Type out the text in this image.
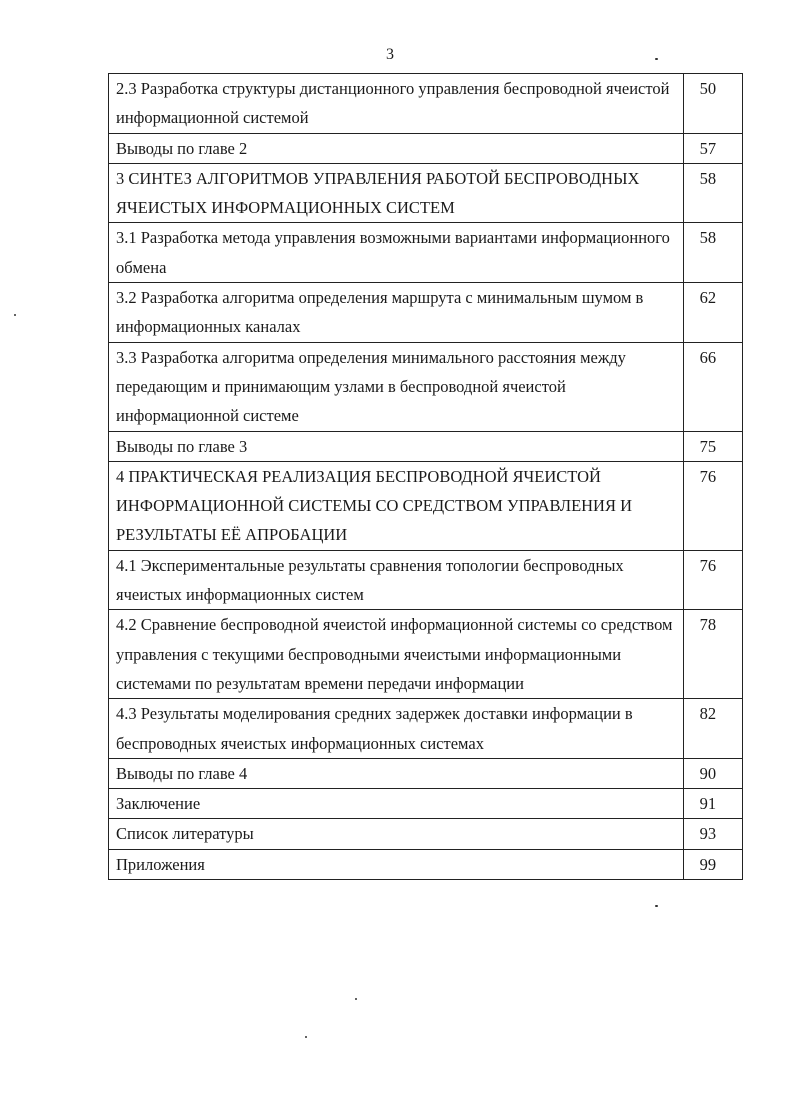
3
2.3 Разработка структуры дистанционного управления беспроводной ячеистой информационной системой	50
Выводы по главе 2	57
3 СИНТЕЗ АЛГОРИТМОВ УПРАВЛЕНИЯ РАБОТОЙ БЕСПРОВОДНЫХ ЯЧЕИСТЫХ ИНФОРМАЦИОННЫХ СИСТЕМ	58
3.1 Разработка метода управления возможными вариантами информационного обмена	58
3.2 Разработка алгоритма определения маршрута с минимальным шумом в информационных каналах	62
3.3 Разработка алгоритма определения минимального расстояния между передающим и принимающим узлами в беспроводной ячеистой информационной системе	66
Выводы по главе 3	75
4 ПРАКТИЧЕСКАЯ РЕАЛИЗАЦИЯ БЕСПРОВОДНОЙ ЯЧЕИСТОЙ ИНФОРМАЦИОННОЙ СИСТЕМЫ СО СРЕДСТВОМ УПРАВЛЕНИЯ И РЕЗУЛЬТАТЫ ЕЁ АПРОБАЦИИ	76
4.1 Экспериментальные результаты сравнения топологии беспроводных ячеистых информационных систем	76
4.2 Сравнение беспроводной ячеистой информационной системы со средством управления с текущими беспроводными ячеистыми информационными системами по результатам времени передачи информации	78
4.3 Результаты моделирования средних задержек доставки информации в беспроводных ячеистых информационных системах	82
Выводы по главе 4	90
Заключение	91
Список литературы	93
Приложения	99
